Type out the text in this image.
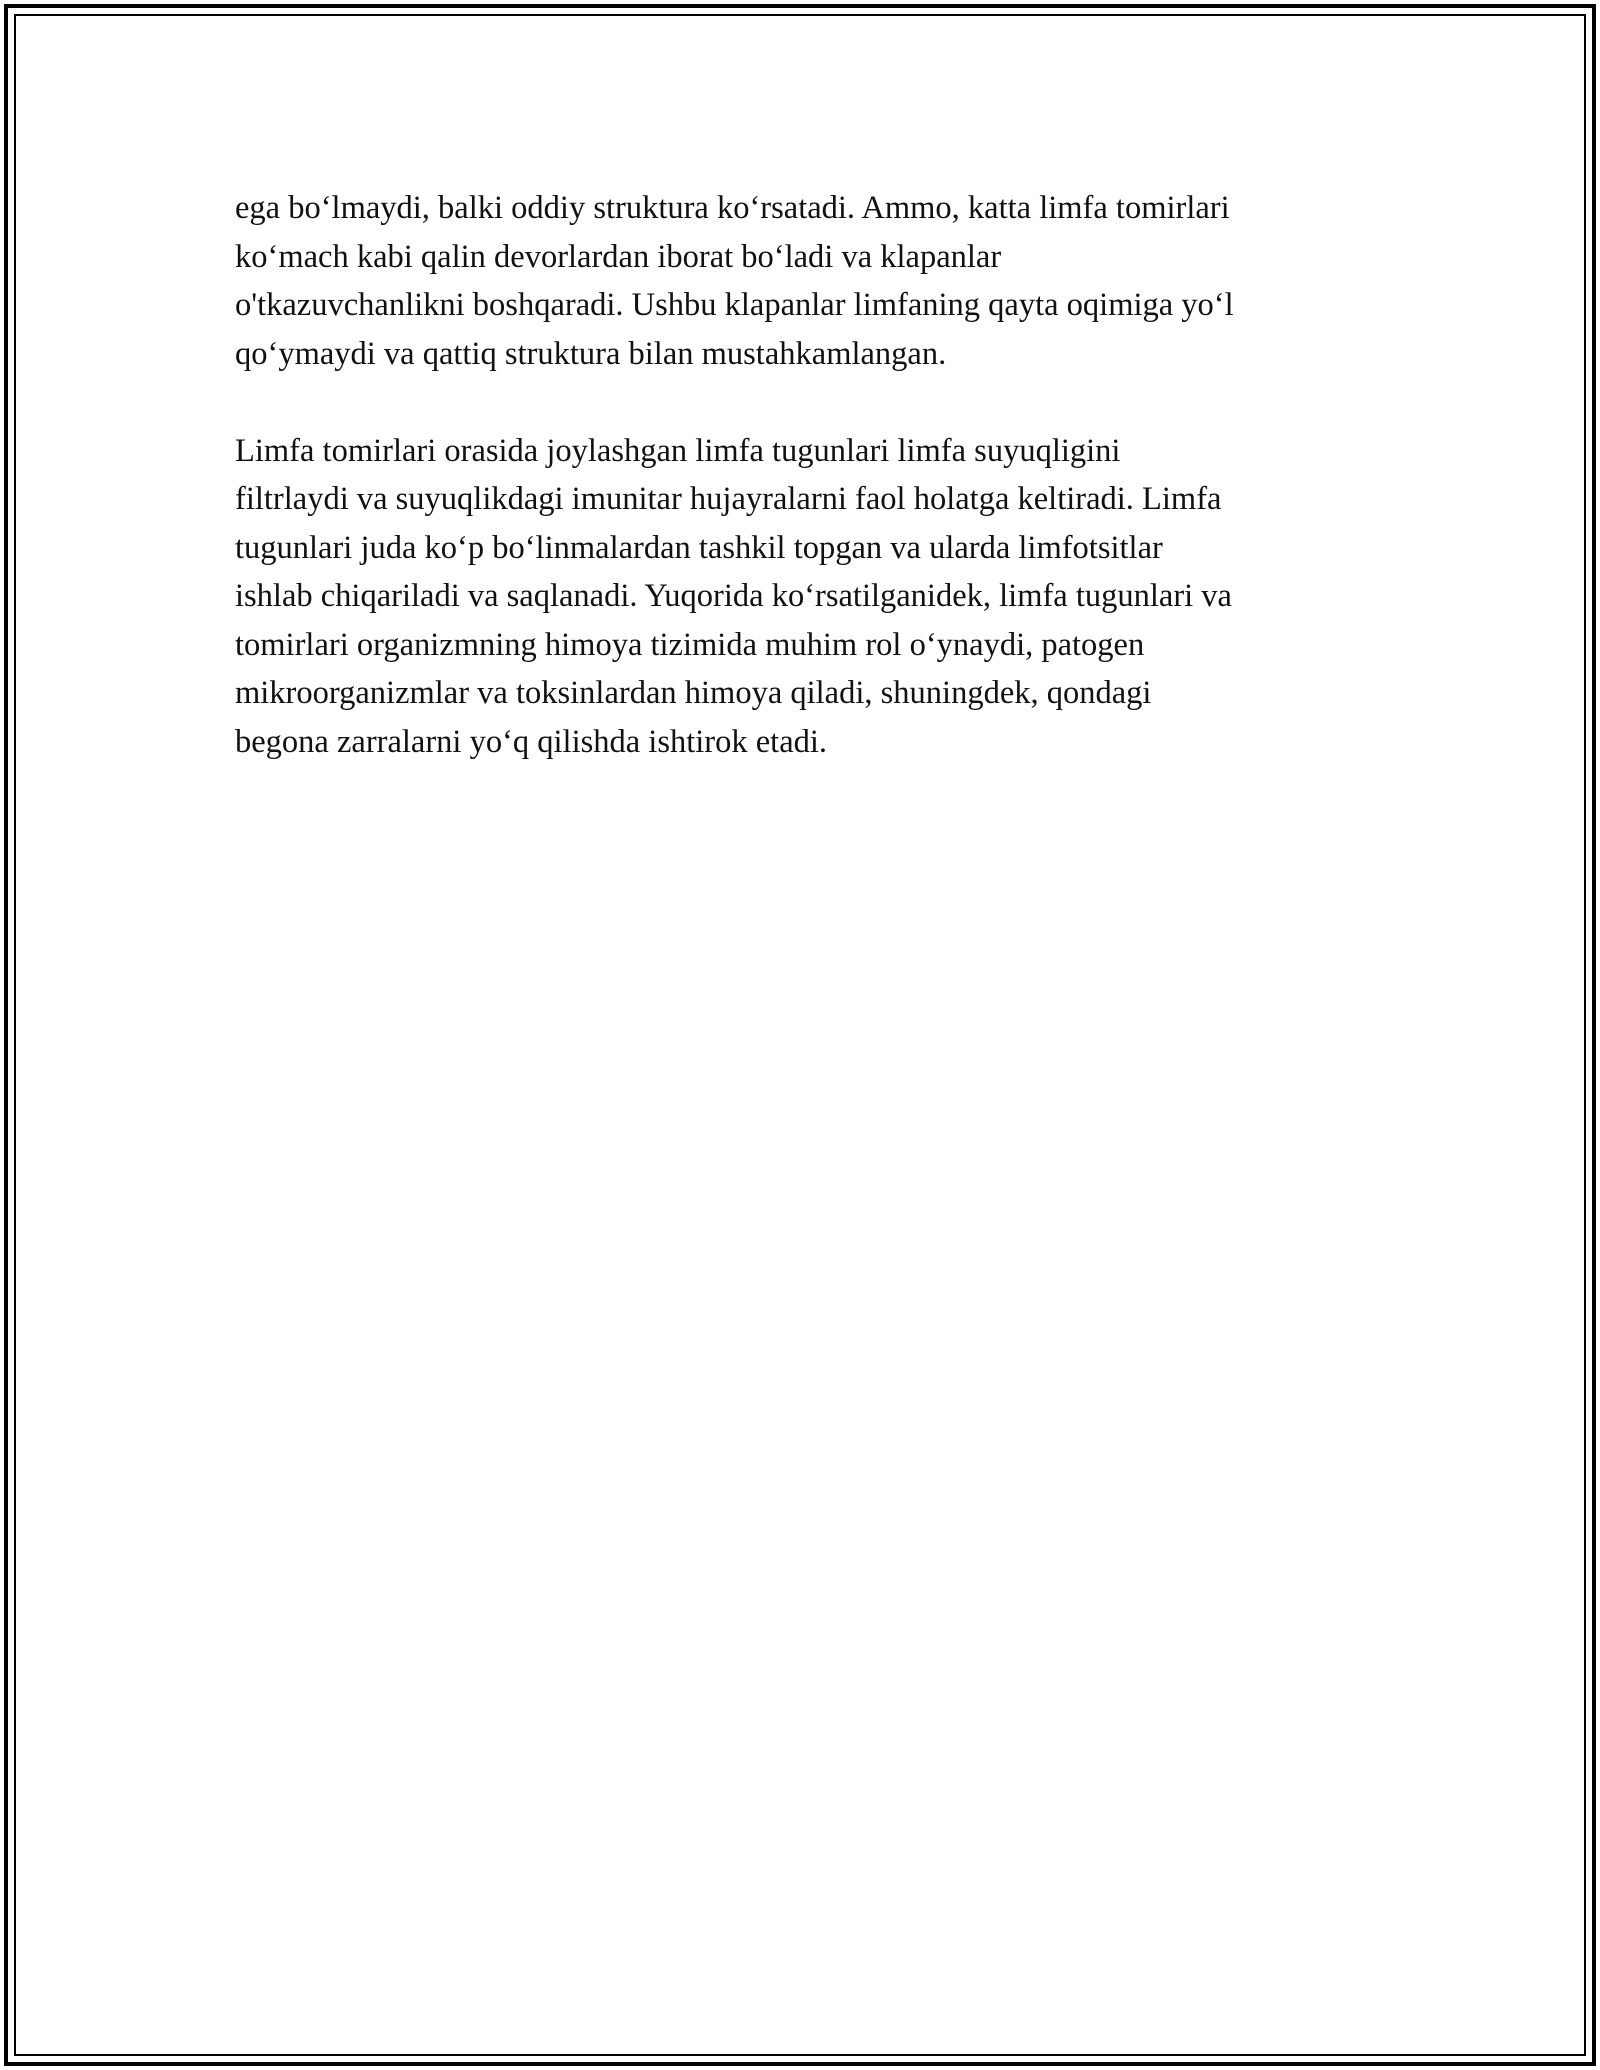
ega bo‘lmaydi, balki oddiy struktura ko‘rsatadi. Ammo, katta limfa tomirlari
ko‘mach kabi qalin devorlardan iborat bo‘ladi va klapanlar
o'tkazuvchanlikni boshqaradi. Ushbu klapanlar limfaning qayta oqimiga yo‘l
qo‘ymaydi va qattiq struktura bilan mustahkamlangan.

Limfa tomirlari orasida joylashgan limfa tugunlari limfa suyuqligini
filtrlaydi va suyuqlikdagi imunitar hujayralarni faol holatga keltiradi. Limfa
tugunlari juda ko‘p bo‘linmalardan tashkil topgan va ularda limfotsitlar
ishlab chiqariladi va saqlanadi. Yuqorida ko‘rsatilganidek, limfa tugunlari va
tomirlari organizmning himoya tizimida muhim rol o‘ynaydi, patogen
mikroorganizmlar va toksinlardan himoya qiladi, shuningdek, qondagi
begona zarralarni yo‘q qilishda ishtirok etadi.
